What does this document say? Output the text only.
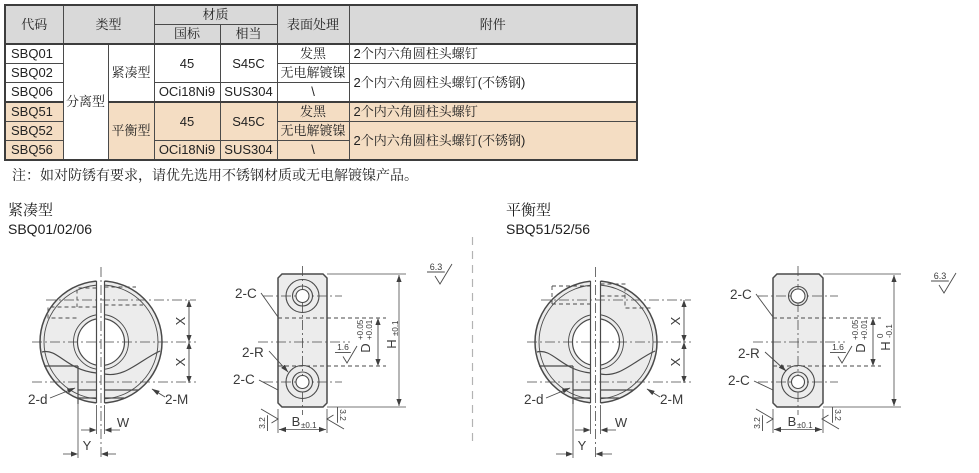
代码	类型		材质		表面处理	附件
			国标	相当		
SBQ01	分离型	紧凑型	45	S45C	发黑	2个内六角圆柱头螺钉
SBQ02					无电解镀镍	2个内六角圆柱头螺钉(不锈钢)
SBQ06			OCi18Ni9	SUS304	\	
SBQ51		平衡型	45	S45C	发黑	2个内六角圆柱头螺钉
SBQ52					无电解镀镍	2个内六角圆柱头螺钉(不锈钢)
SBQ56			OCi18Ni9	SUS304	\	
注：如对防锈有要求，请优先选用不锈钢材质或无电解镀镍产品。
紧凑型
SBQ01/02/06
平衡型
SBQ51/52/56
2-d	2-M
X
X
W
Y
2-C
2-R
2-C
D
+0.05 +0.01
H
±0.1
B ±0.1
1.6
6.3
3.2
3.2
2-d	2-M
X
X
W
Y
2-C
2-R
2-C
D
+0.05 +0.01
H
0 -0.1
B ±0.1
1.6
6.3
3.2
3.2
